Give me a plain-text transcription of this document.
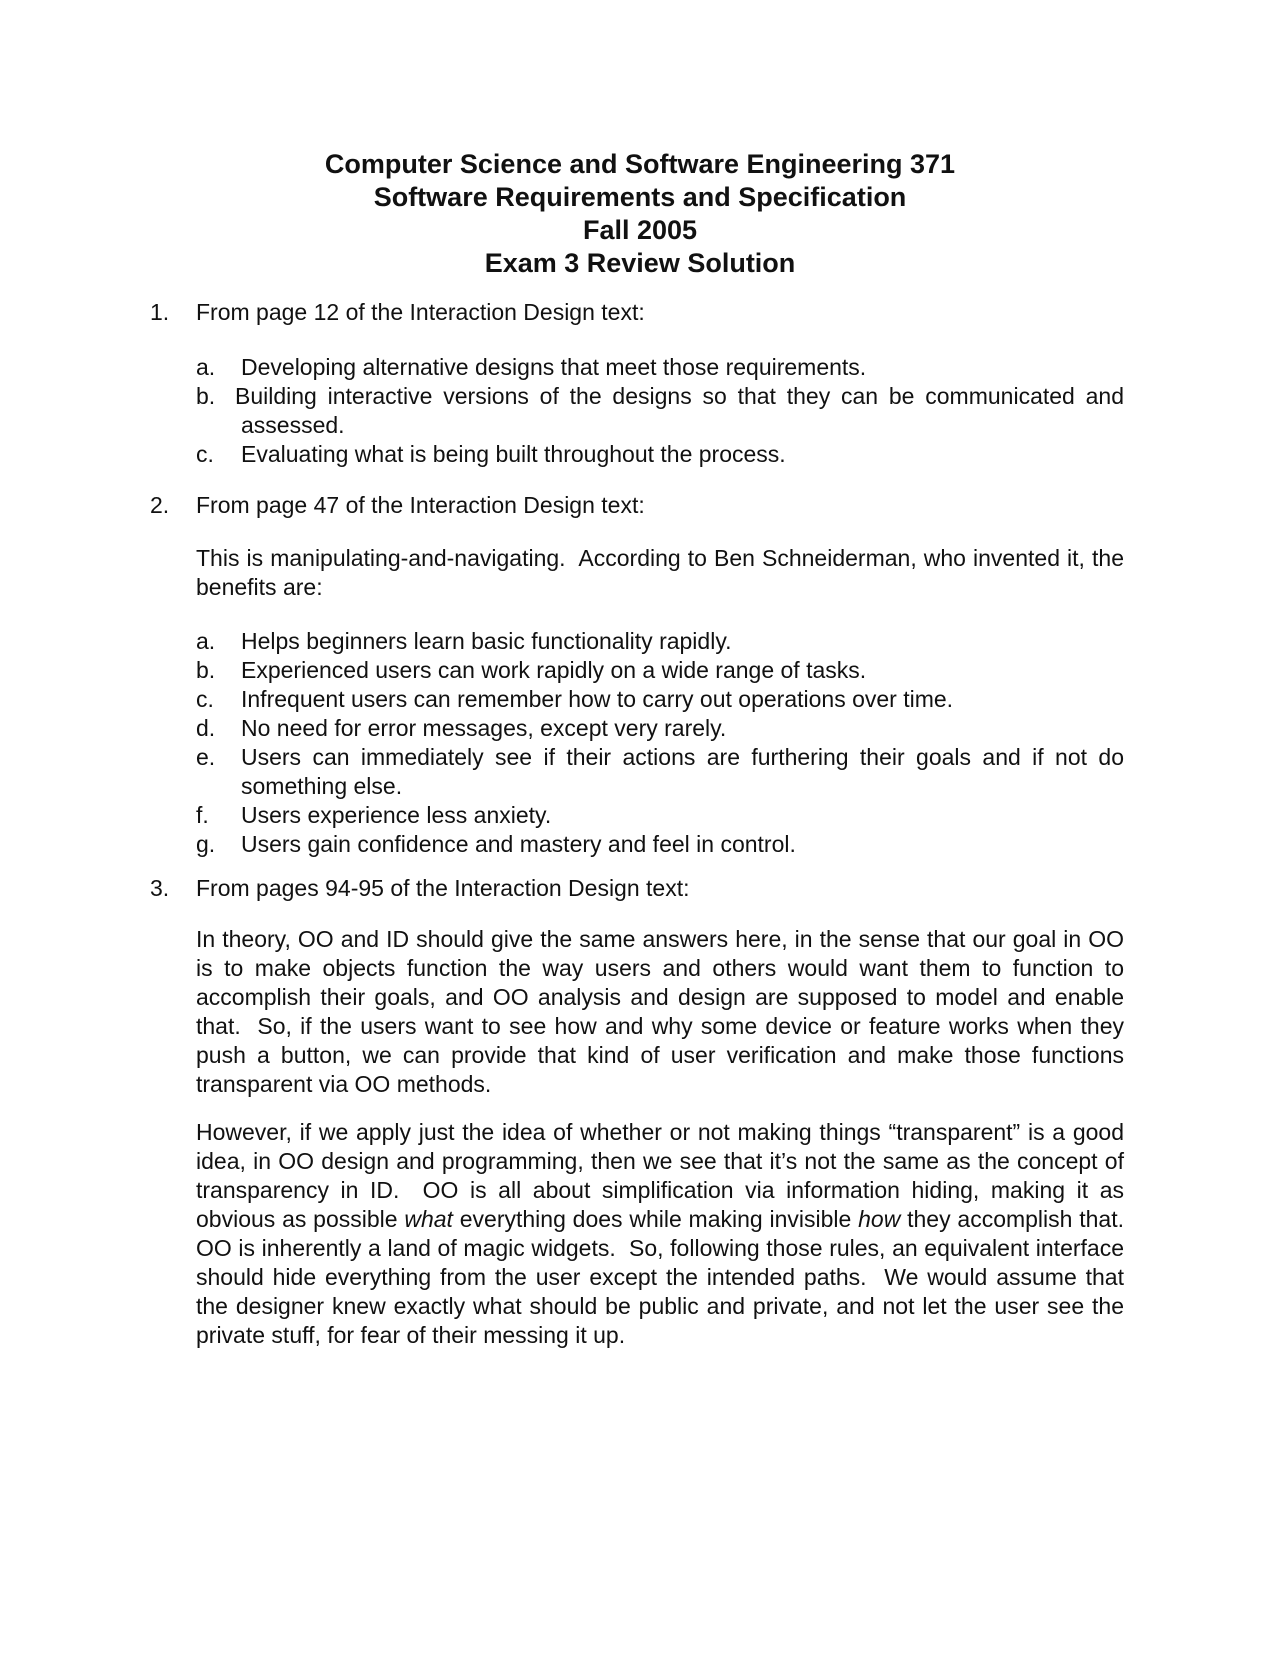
Computer Science and Software Engineering 371
Software Requirements and Specification
Fall 2005
Exam 3 Review Solution
1. From page 12 of the Interaction Design text:
a. Developing alternative designs that meet those requirements.
b. Building interactive versions of the designs so that they can be communicated and assessed.
c. Evaluating what is being built throughout the process.
2. From page 47 of the Interaction Design text:
This is manipulating-and-navigating.  According to Ben Schneiderman, who invented it, the benefits are:
a. Helps beginners learn basic functionality rapidly.
b. Experienced users can work rapidly on a wide range of tasks.
c. Infrequent users can remember how to carry out operations over time.
d. No need for error messages, except very rarely.
e. Users can immediately see if their actions are furthering their goals and if not do something else.
f. Users experience less anxiety.
g. Users gain confidence and mastery and feel in control.
3. From pages 94-95 of the Interaction Design text:
In theory, OO and ID should give the same answers here, in the sense that our goal in OO is to make objects function the way users and others would want them to function to accomplish their goals, and OO analysis and design are supposed to model and enable that.  So, if the users want to see how and why some device or feature works when they push a button, we can provide that kind of user verification and make those functions transparent via OO methods.
However, if we apply just the idea of whether or not making things “transparent” is a good idea, in OO design and programming, then we see that it’s not the same as the concept of transparency in ID.  OO is all about simplification via information hiding, making it as obvious as possible what everything does while making invisible how they accomplish that.  OO is inherently a land of magic widgets.  So, following those rules, an equivalent interface should hide everything from the user except the intended paths.  We would assume that the designer knew exactly what should be public and private, and not let the user see the private stuff, for fear of their messing it up.
